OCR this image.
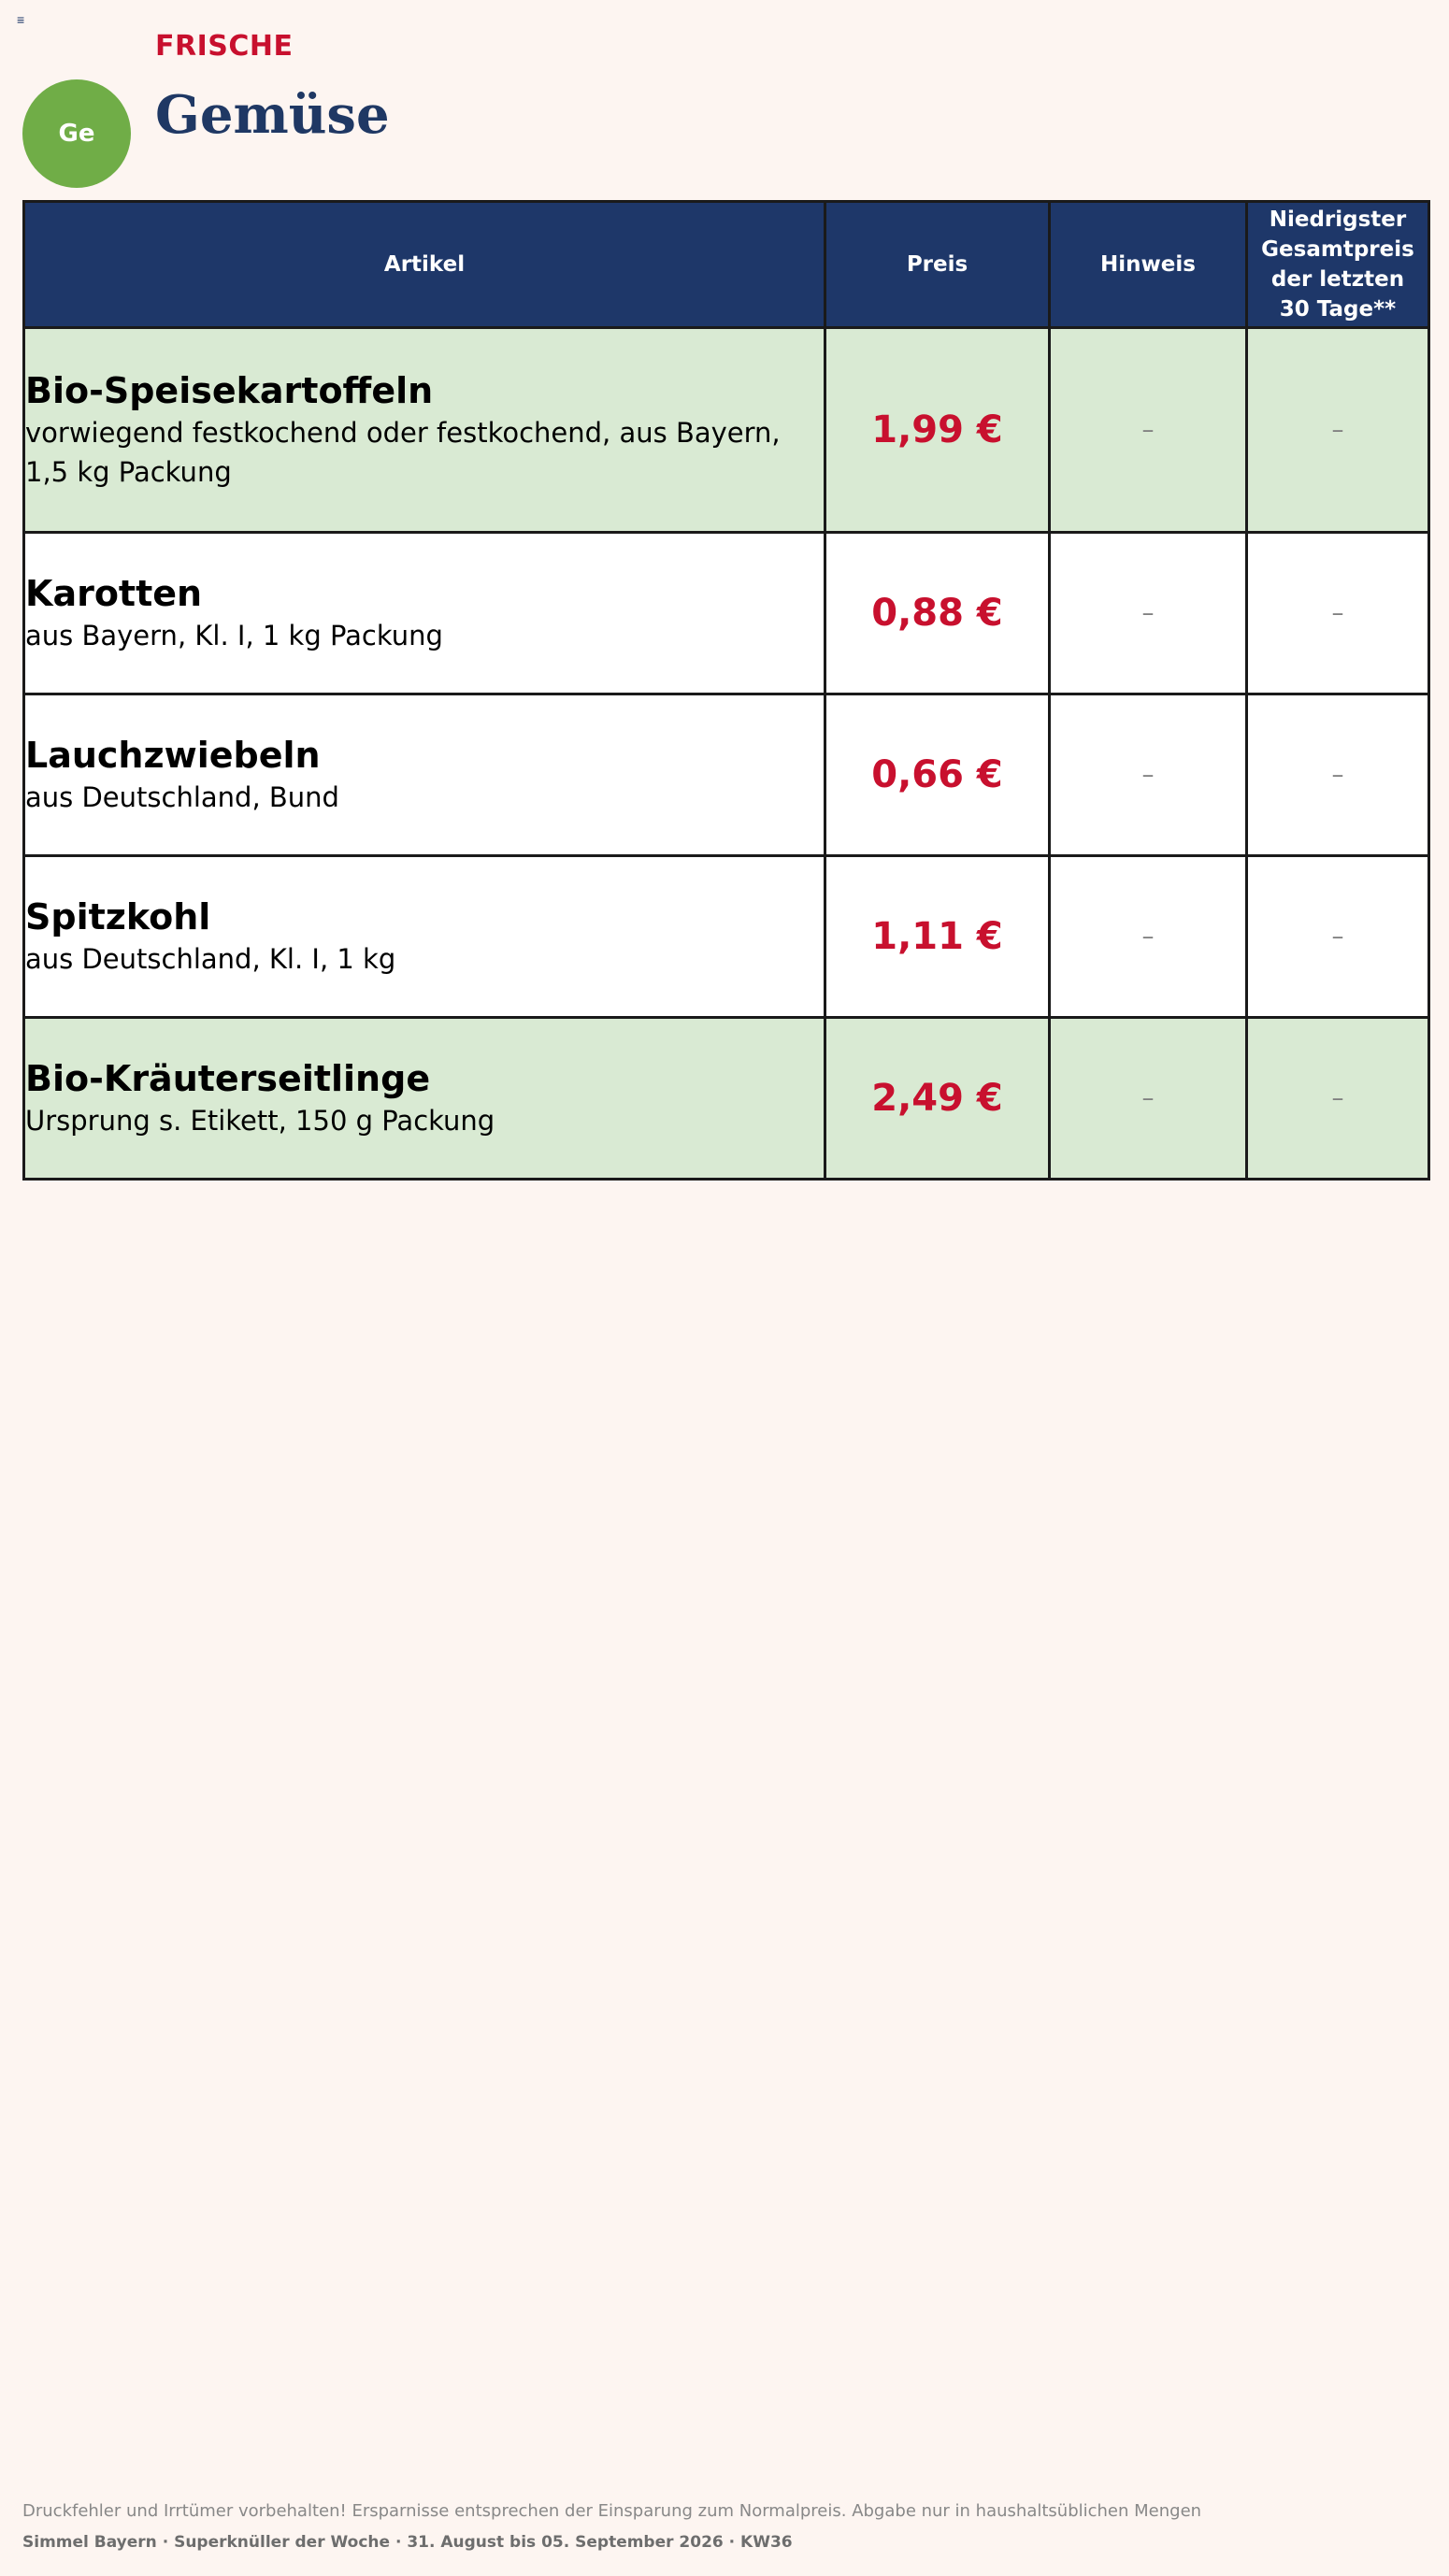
≡
Ge
FRISCHE
Gemüse
Artikel	Preis	Hinweis	Niedrigster Gesamtpreis der letzten 30 Tage**

Bio-Speisekartoffeln
vorwiegend festkochend oder festkochend, aus Bayern, 1,5 kg Packung	1,99 €	–	–

Karotten
aus Bayern, Kl. I, 1 kg Packung	0,88 €	–	–

Lauchzwiebeln
aus Deutschland, Bund	0,66 €	–	–

Spitzkohl
aus Deutschland, Kl. I, 1 kg	1,11 €	–	–

Bio-Kräuterseitlinge
Ursprung s. Etikett, 150 g Packung	2,49 €	–	–
Druckfehler und Irrtümer vorbehalten! Ersparnisse entsprechen der Einsparung zum Normalpreis. Abgabe nur in haushaltsüblichen Mengen
Simmel Bayern · Superknüller der Woche · 31. August bis 05. September 2026 · KW36
